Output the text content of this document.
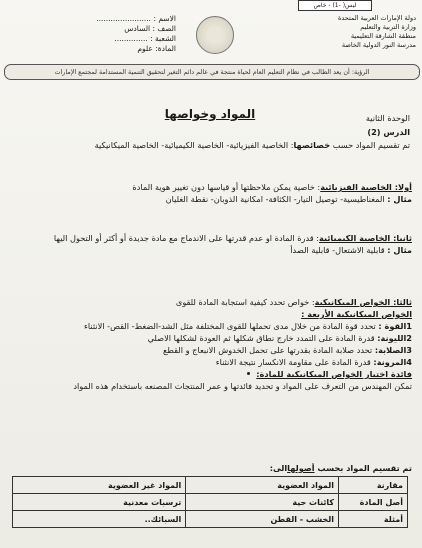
ليس( -1) - خاص
دولة الإمارات العربية المتحدة
وزارة التربية والتعليم
منطقة الشارقة التعليمية
مدرسة النور الدولية الخاصة
الاسم : .......................
الصف : السادس
الشعبة : ..............
المادة: علوم
الرؤية: أن يعد الطالب في نظام التعليم العام لحياة منتجة في عالم دائم التغير لتحقيق التنمية المستدامة لمجتمع الإمارات
المواد وخواصها	الوحدة الثانية
الدرس (2)
تم تقسيم المواد حسب خصائصها: الخاصية الفيزيائية- الخاصية الكيميائية- الخاصية الميكانيكية
أولا: الخاصية الفيزيائية: خاصية يمكن ملاحظتها أو قياسها دون تغيير هوية المادة
مثال : المغناطيسية- توصيل التيار- الكثافة- امكانية الذوبان- نقطة الغليان
ثانيا: الخاصية الكيميائية: قدرة المادة او عدم قدرتها على الاندماج مع مادة جديدة أو أكثر أو التحول اليها
مثال : قابلية الاشتعال- قابلية الصدأ
ثالثا: الخواص الميكانيكية: خواص تحدد كيفية استجابة المادة للقوى
الخواص الميكانيكية الأربعة :
1القوة : تحدد قوة المادة من خلال مدى تحملها للقوى المختلفة مثل الشد-الضغط- القص- الانثناء
2الليونة: قدرة المادة على التمدد خارج نطاق شكلها ثم العودة لشكلها الاصلي
3الصلابة: تحدد صلابة المادة بقدرتها على تحمل الخدوش الانبعاج و القطع
4المرونة: قدرة المادة على مقاومة الانكسار نتيجة الانثناء
فائدة اختبار الخواص الميكانيكية للمادة:
تمكن المهندس من التعرف على المواد و تحديد فائدتها و عمر المنتجات المصنعه باستخدام هذه المواد
تم تقسيم المواد بحسب أصولهاالى:
مقارنة	المواد العضوية	المواد غير العضوية
أصل المادة	كائنات حية	ترسبات معدنية
أمثلة	الخشب - القطن	السبائك..
